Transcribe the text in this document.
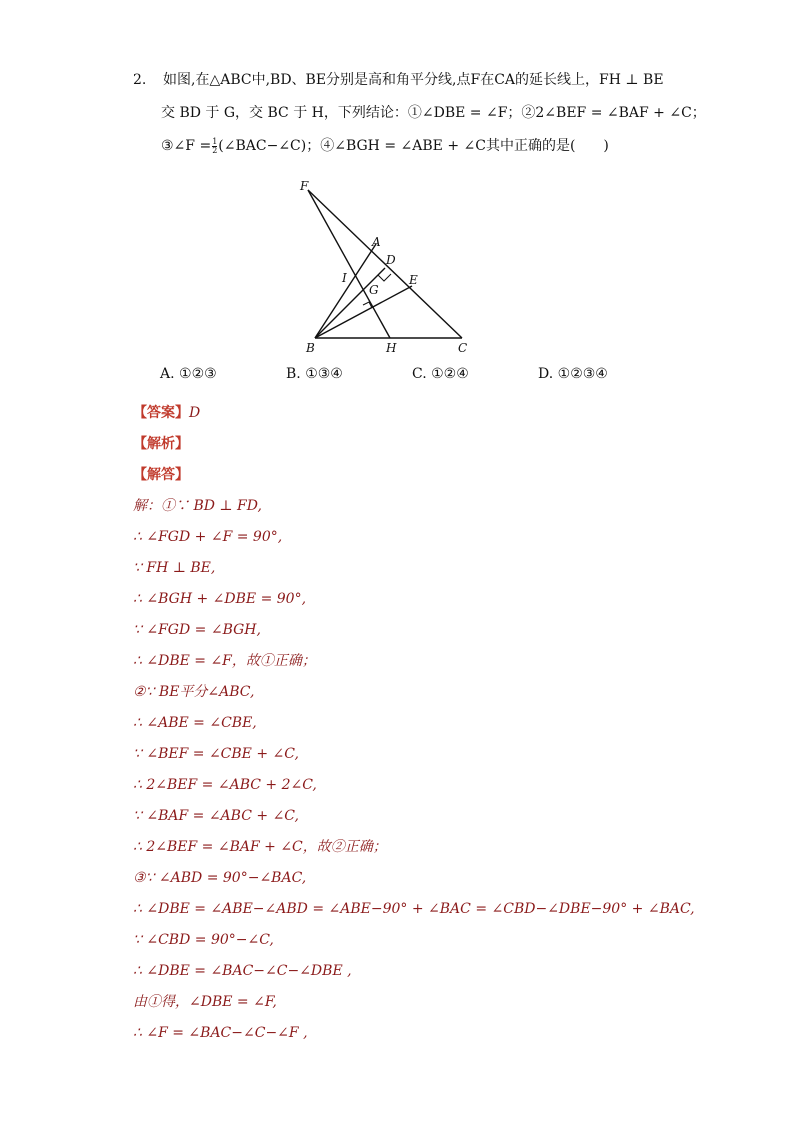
2. 如图,在△ABC中,BD、BE分别是高和角平分线,点F在CA的延长线上，FH ⊥ BE
交 BD 于 G，交 BC 于 H，下列结论：①∠DBE = ∠F；②2∠BEF = ∠BAF + ∠C；
③∠F = $\frac{1}{2}$ (∠BAC−∠C)；④∠BGH = ∠ABE + ∠C其中正确的是(　　)
F
A
D
E
I
G
B	H	C
A. ①②③	B. ①③④	C. ①②④	D. ①②③④
【答案】D
【解析】
【解答】
解：①∵ BD ⊥ FD,
∴ ∠FGD + ∠F = 90°,
∵ FH ⊥ BE,
∴ ∠BGH + ∠DBE = 90°,
∵ ∠FGD = ∠BGH,
∴ ∠DBE = ∠F，故①正确；
②∵ BE平分∠ABC,
∴ ∠ABE = ∠CBE,
∵ ∠BEF = ∠CBE + ∠C,
∴ 2∠BEF = ∠ABC + 2∠C,
∵ ∠BAF = ∠ABC + ∠C,
∴ 2∠BEF = ∠BAF + ∠C，故②正确；
③∵ ∠ABD = 90°−∠BAC,
∴ ∠DBE = ∠ABE−∠ABD = ∠ABE−90° + ∠BAC = ∠CBD−∠DBE−90° + ∠BAC,
∵ ∠CBD = 90°−∠C,
∴ ∠DBE = ∠BAC−∠C−∠DBE ,
由①得，∠DBE = ∠F,
∴ ∠F = ∠BAC−∠C−∠F ,
